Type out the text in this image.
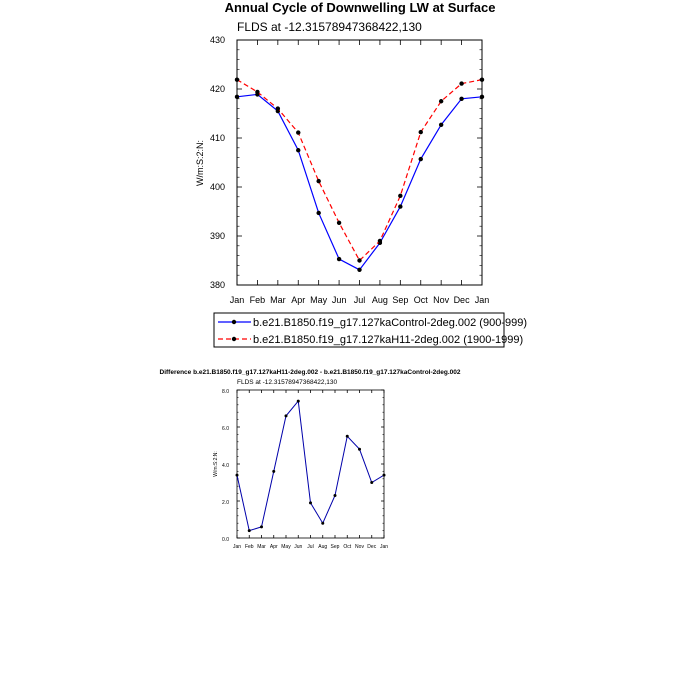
Annual Cycle of Downwelling LW at Surface
FLDS at -12.31578947368422,130
W/m:S:2:N:
Jan Feb Mar Apr May Jun Jul Aug Sep Oct Nov Dec Jan
380
390
400
410
420
430
b.e21.B1850.f19_g17.127kaControl-2deg.002 (900-999)
b.e21.B1850.f19_g17.127kaH11-2deg.002 (1900-1999)
Difference b.e21.B1850.f19_g17.127kaH11-2deg.002 - b.e21.B1850.f19_g17.127kaControl-2deg.002
FLDS at -12.31578947368422,130
W/m:S:2:N:
Jan Feb Mar Apr May Jun Jul Aug Sep Oct Nov Dec Jan
0.0
2.0
4.0
6.0
8.0
